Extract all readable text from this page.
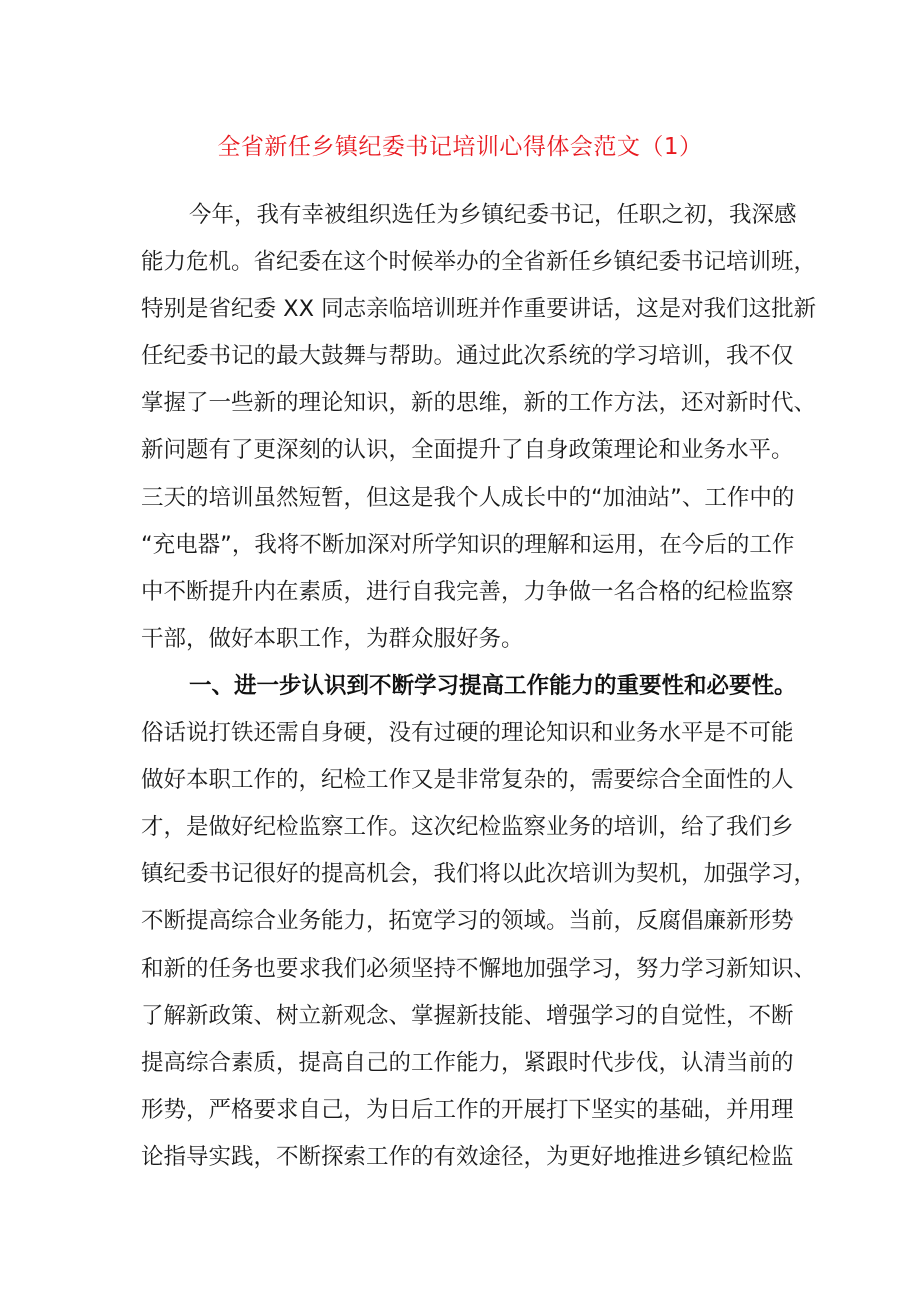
全省新任乡镇纪委书记培训心得体会范文（1）
今年，我有幸被组织选任为乡镇纪委书记，任职之初，我深感
能力危机。省纪委在这个时候举办的全省新任乡镇纪委书记培训班，
特别是省纪委 XX 同志亲临培训班并作重要讲话，这是对我们这批新
任纪委书记的最大鼓舞与帮助。通过此次系统的学习培训，我不仅
掌握了一些新的理论知识，新的思维，新的工作方法，还对新时代、
新问题有了更深刻的认识，全面提升了自身政策理论和业务水平。
三天的培训虽然短暂，但这是我个人成长中的“加油站”、工作中的
“充电器”，我将不断加深对所学知识的理解和运用，在今后的工作
中不断提升内在素质，进行自我完善，力争做一名合格的纪检监察
干部，做好本职工作，为群众服好务。
一、进一步认识到不断学习提高工作能力的重要性和必要性。
俗话说打铁还需自身硬，没有过硬的理论知识和业务水平是不可能
做好本职工作的，纪检工作又是非常复杂的，需要综合全面性的人
才，是做好纪检监察工作。这次纪检监察业务的培训，给了我们乡
镇纪委书记很好的提高机会，我们将以此次培训为契机，加强学习，
不断提高综合业务能力，拓宽学习的领域。当前，反腐倡廉新形势
和新的任务也要求我们必须坚持不懈地加强学习，努力学习新知识、
了解新政策、树立新观念、掌握新技能、增强学习的自觉性，不断
提高综合素质，提高自己的工作能力，紧跟时代步伐，认清当前的
形势，严格要求自己，为日后工作的开展打下坚实的基础，并用理
论指导实践，不断探索工作的有效途径，为更好地推进乡镇纪检监
